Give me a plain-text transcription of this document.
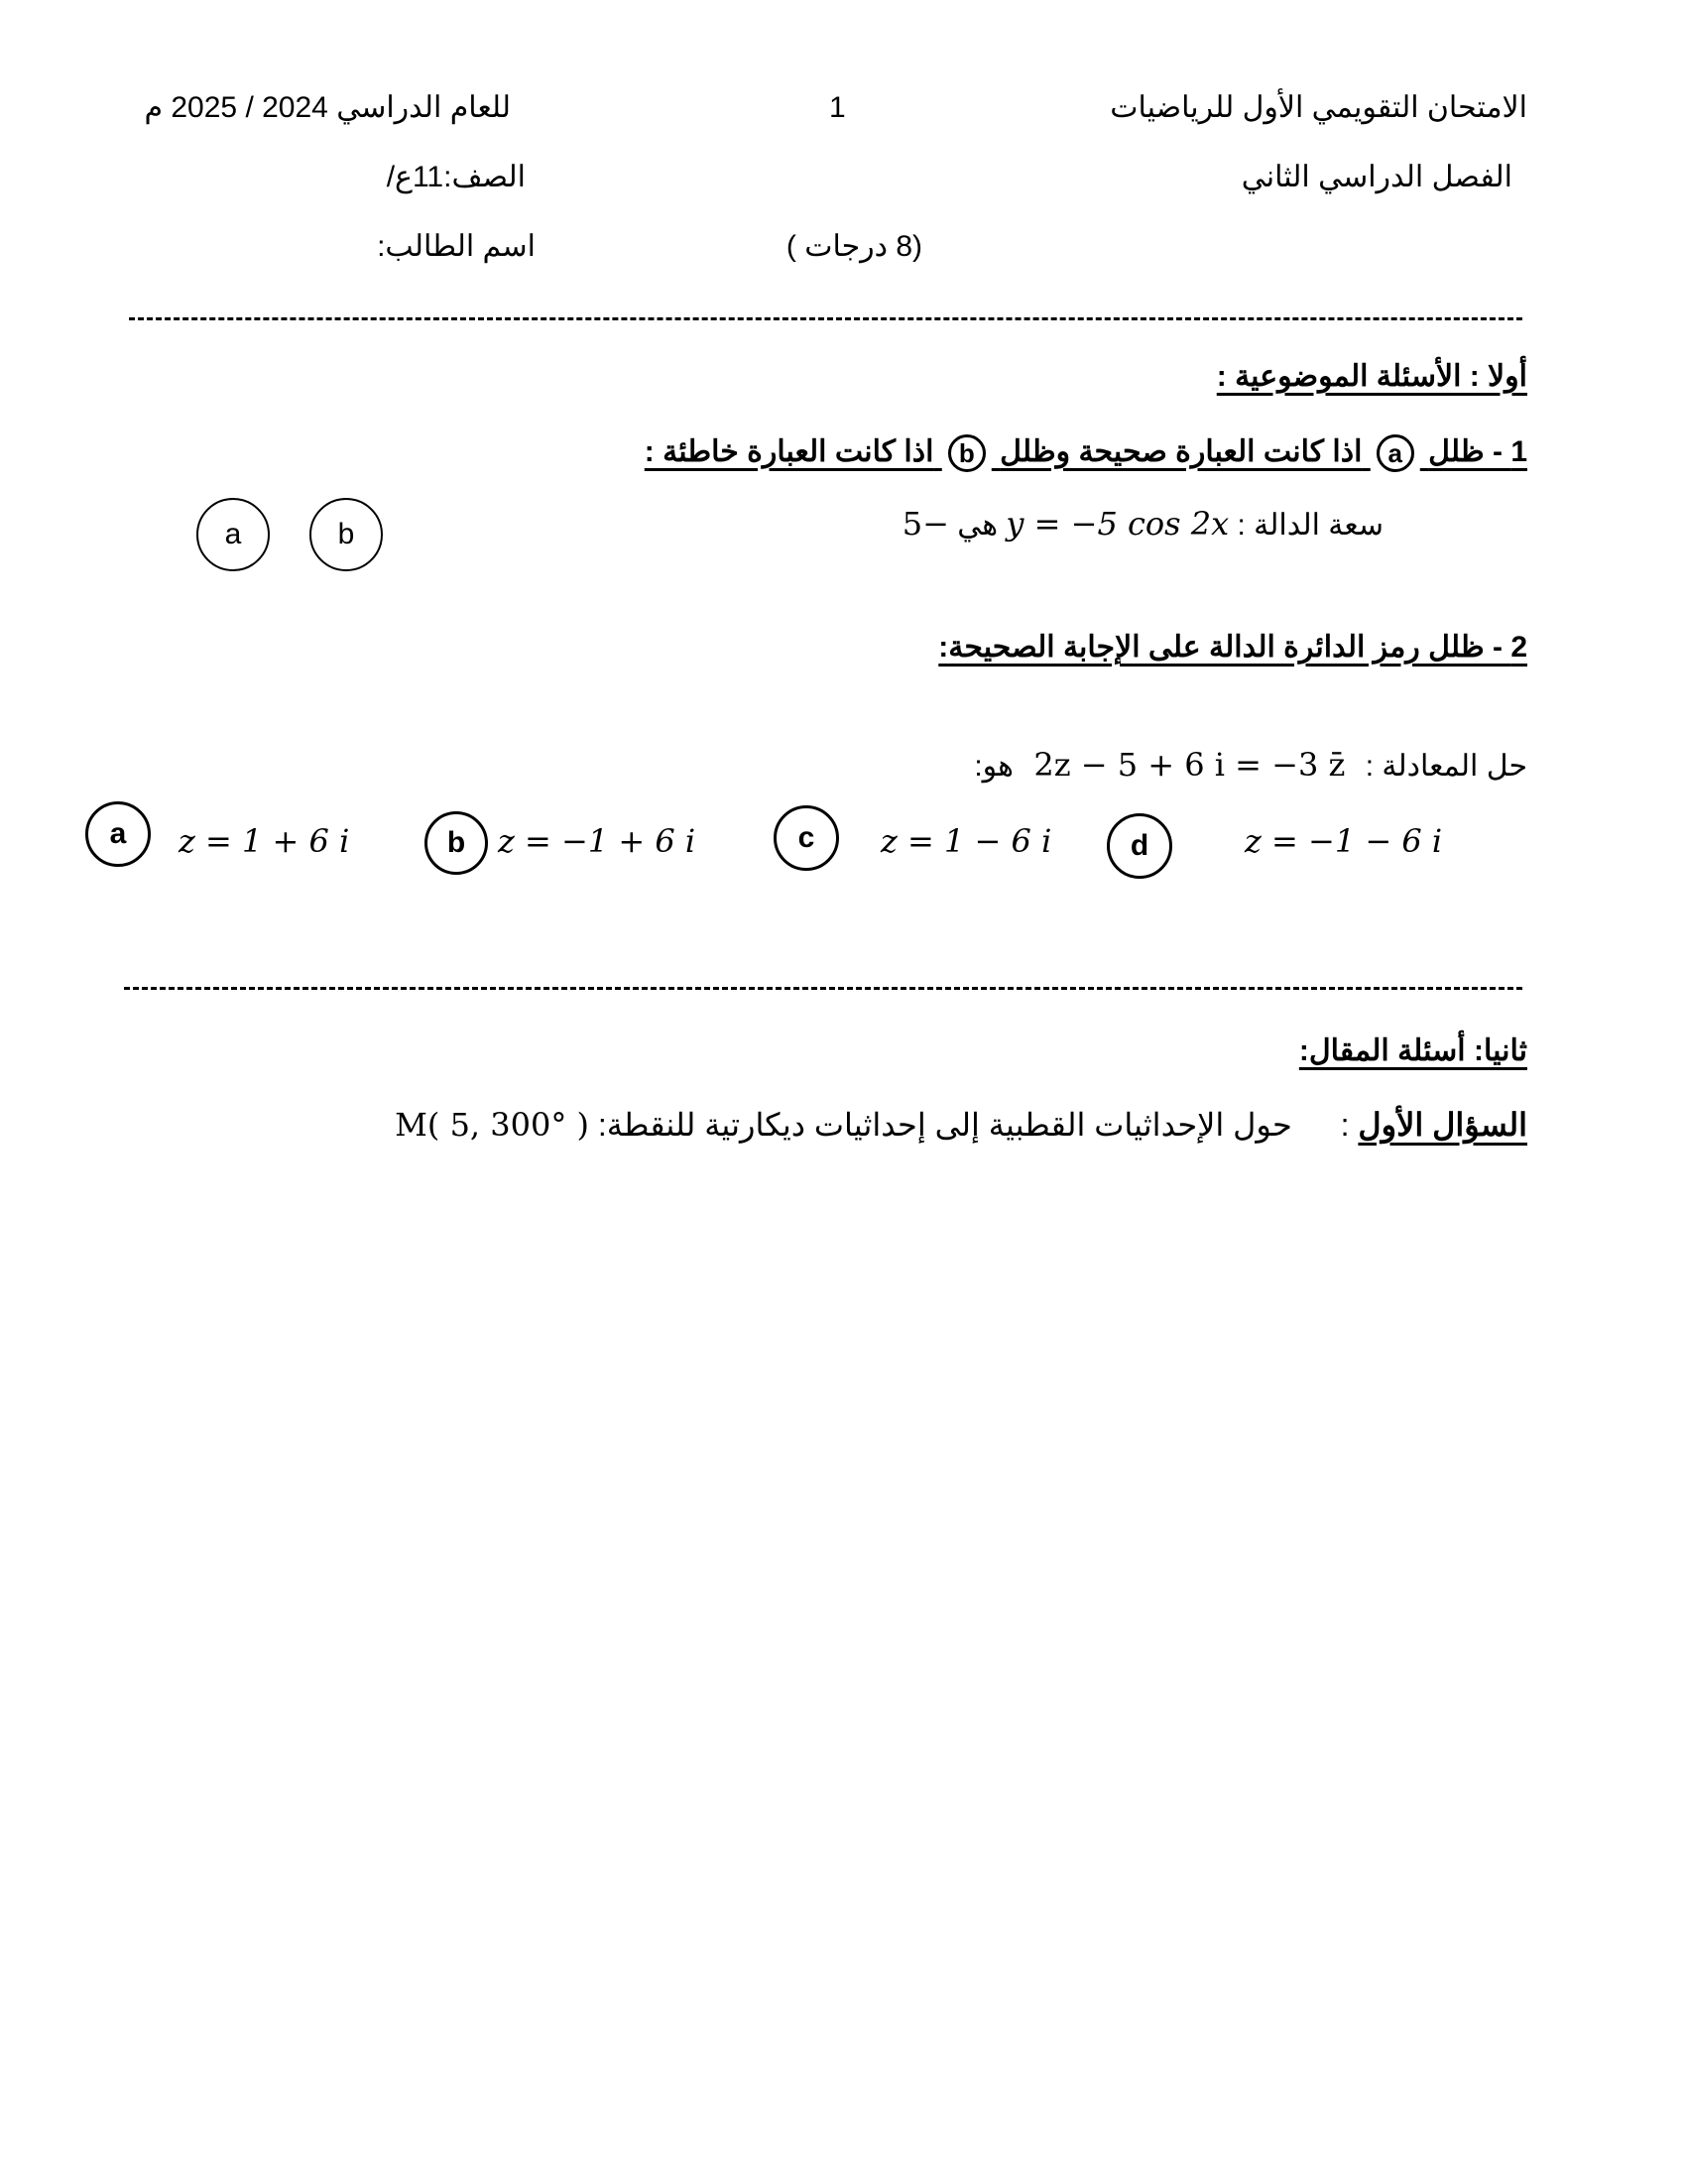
الامتحان التقويمي الأول للرياضيات
1
للعام الدراسي 2024 / 2025 م
الفصل الدراسي الثاني
الصف:11ع/
(8 درجات )
اسم الطالب:
أولا : الأسئلة الموضوعية :
1 - ظلل a اذا كانت العبارة صحيحة وظلل b اذا كانت العبارة خاطئة :
سعة الدالة : y = −5 cos 2x هي −5
a	b
2 - ظلل رمز الدائرة الدالة على الإجابة الصحيحة:
حل المعادلة : 2z − 5 + 6 i = −3 z̄ هو:
a	z = 1 + 6 i	b	z = −1 + 6 i	c	z = 1 − 6 i	d	z = −1 − 6 i
ثانيا: أسئلة المقال:
السؤال الأول : حول الإحداثيات القطبية إلى إحداثيات ديكارتية للنقطة: M( 5, 300° )
